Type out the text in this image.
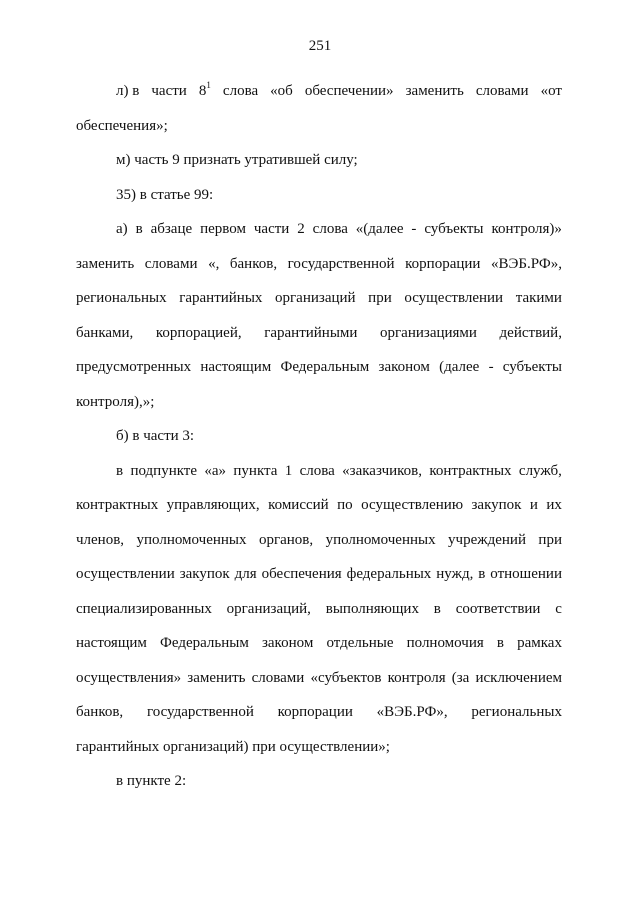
251
л) в части $8^1$ слова «об обеспечении» заменить словами «от
обеспечения»;
м) часть 9 признать утратившей силу;
35) в статье 99:
а) в абзаце первом части 2 слова «(далее - субъекты контроля)»
заменить словами «, банков, государственной корпорации «ВЭБ.РФ»,
региональных гарантийных организаций при осуществлении такими
банками, корпорацией, гарантийными организациями действий,
предусмотренных настоящим Федеральным законом (далее - субъекты
контроля),»;
б) в части 3:
в подпункте «а» пункта 1 слова «заказчиков, контрактных служб,
контрактных управляющих, комиссий по осуществлению закупок и их
членов, уполномоченных органов, уполномоченных учреждений при
осуществлении закупок для обеспечения федеральных нужд, в отношении
специализированных организаций, выполняющих в соответствии с
настоящим Федеральным законом отдельные полномочия в рамках
осуществления» заменить словами «субъектов контроля (за исключением
банков, государственной корпорации «ВЭБ.РФ», региональных
гарантийных организаций) при осуществлении»;
в пункте 2:
